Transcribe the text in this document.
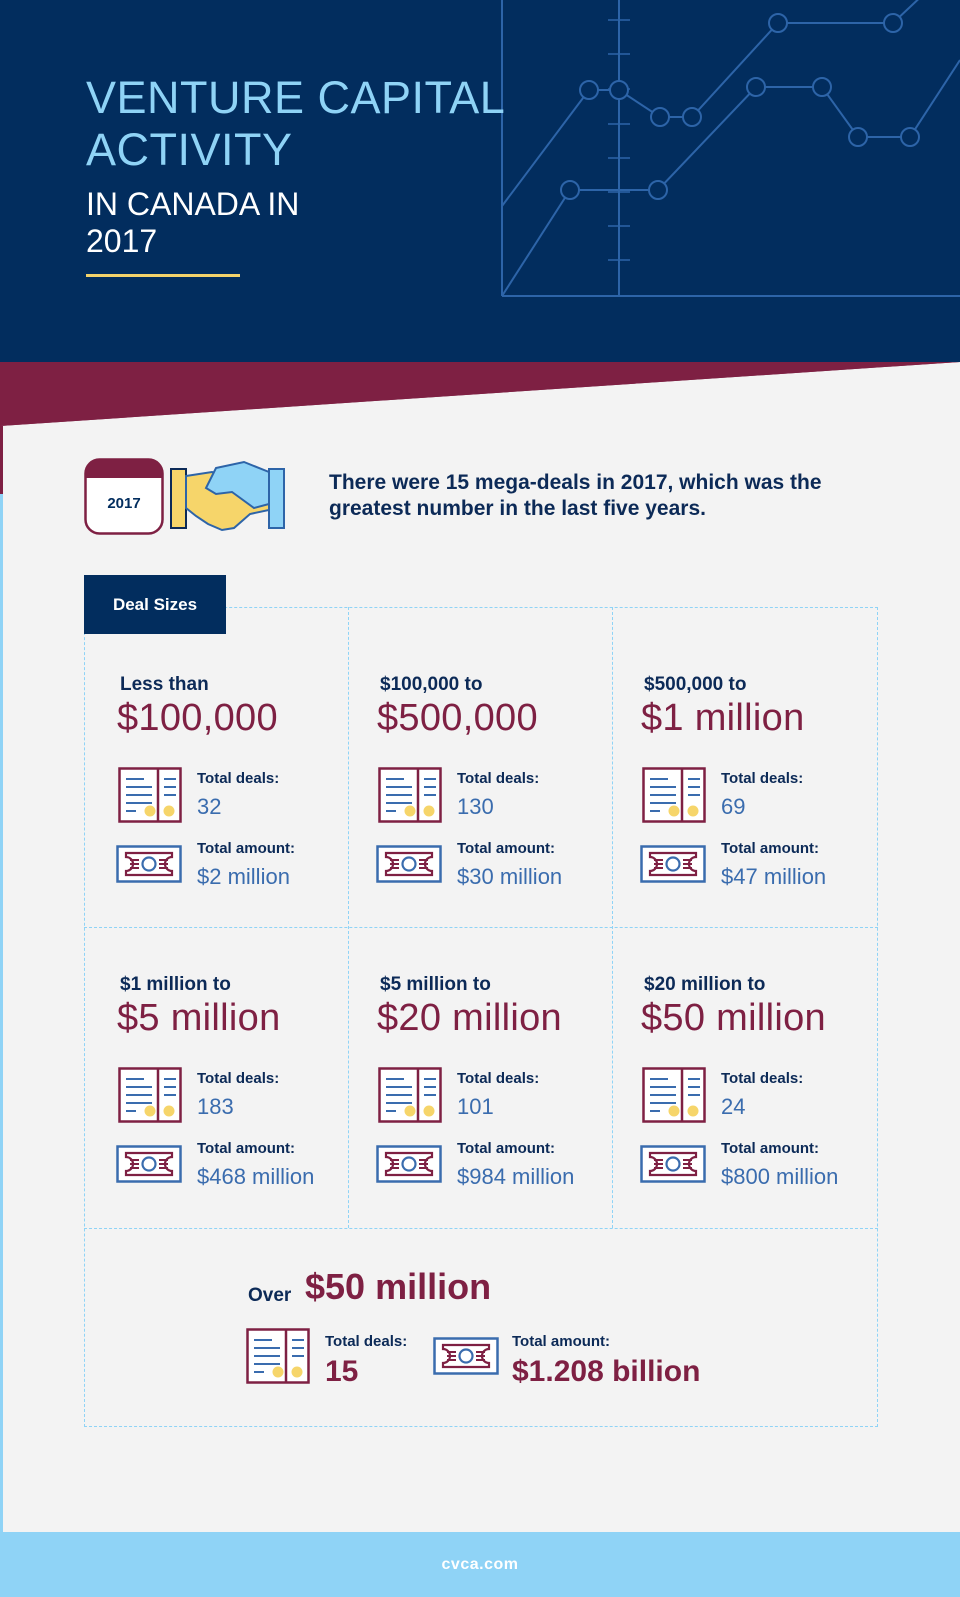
VENTURE CAPITAL
ACTIVITY
IN CANADA IN
2017
2017
There were 15 mega-deals in 2017, which was the greatest number in the last five years.
Deal Sizes
Less than
$100,000
Total deals:
32
Total amount:
$2 million
$100,000 to
$500,000
Total deals:
130
Total amount:
$30 million
$500,000 to
$1 million
Total deals:
69
Total amount:
$47 million
$1 million to
$5 million
Total deals:
183
Total amount:
$468 million
$5 million to
$20 million
Total deals:
101
Total amount:
$984 million
$20 million to
$50 million
Total deals:
24
Total amount:
$800 million
Over $50 million
Total deals:
15
Total amount:
$1.208 billion
cvca.com
